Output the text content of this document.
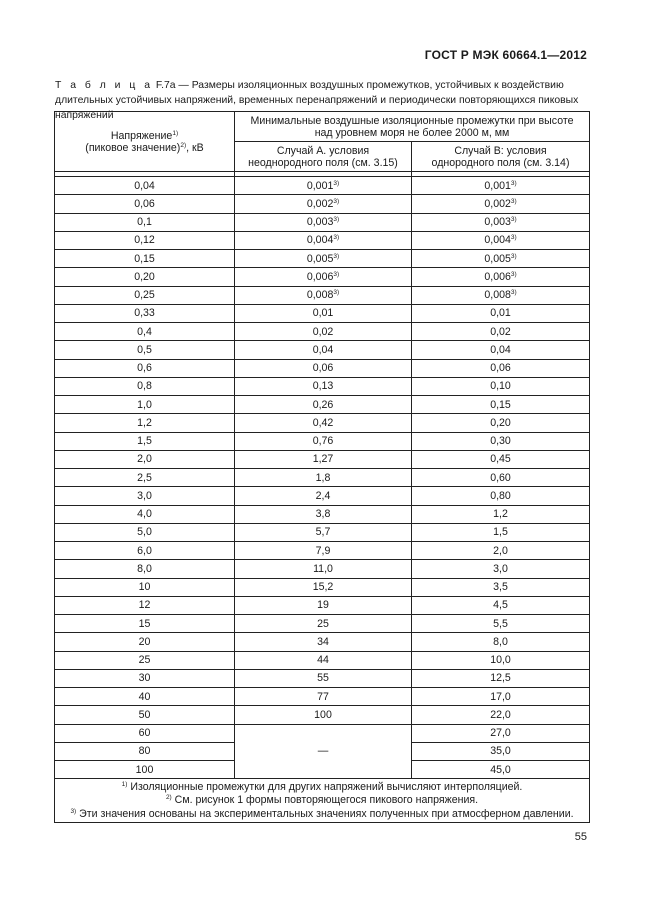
ГОСТ Р МЭК 60664.1—2012
Т а б л и ц а F.7a — Размеры изоляционных воздушных промежутков, устойчивых к воздействию длительных устойчивых напряжений, временных перенапряжений и периодически повторяющихся пиковых напряжений
Напряжение$^{1)}$
(пиковое значение)$^{2)}$, кВ	Минимальные воздушные изоляционные промежутки при высоте над уровнем моря не более 2000 м, мм	
	Случай А. условия неоднородного поля (см. 3.15)	Случай В: условия однородного поля (см. 3.14)

0,04	0,001$^{3)}$	0,001$^{3)}$
0,06	0,002$^{3)}$	0,002$^{3)}$
0,1	0,003$^{3)}$	0,003$^{3)}$
0,12	0,004$^{3)}$	0,004$^{3)}$
0,15	0,005$^{3)}$	0,005$^{3)}$
0,20	0,006$^{3)}$	0,006$^{3)}$
0,25	0,008$^{3)}$	0,008$^{3)}$
0,33	0,01	0,01
0,4	0,02	0,02
0,5	0,04	0,04
0,6	0,06	0,06
0,8	0,13	0,10
1,0	0,26	0,15
1,2	0,42	0,20
1,5	0,76	0,30
2,0	1,27	0,45
2,5	1,8	0,60
3,0	2,4	0,80
4,0	3,8	1,2
5,0	5,7	1,5
6,0	7,9	2,0
8,0	11,0	3,0
10	15,2	3,5
12	19	4,5
15	25	5,5
20	34	8,0
25	44	10,0
30	55	12,5
40	77	17,0
50	100	22,0
60	—	27,0
80		35,0
100		45,0

$^{1)}$ Изоляционные промежутки для других напряжений вычисляют интерполяцией.
$^{2)}$ См. рисунок 1 формы повторяющегося пикового напряжения.
$^{3)}$ Эти значения основаны на экспериментальных значениях полученных при атмосферном давлении.		
55
